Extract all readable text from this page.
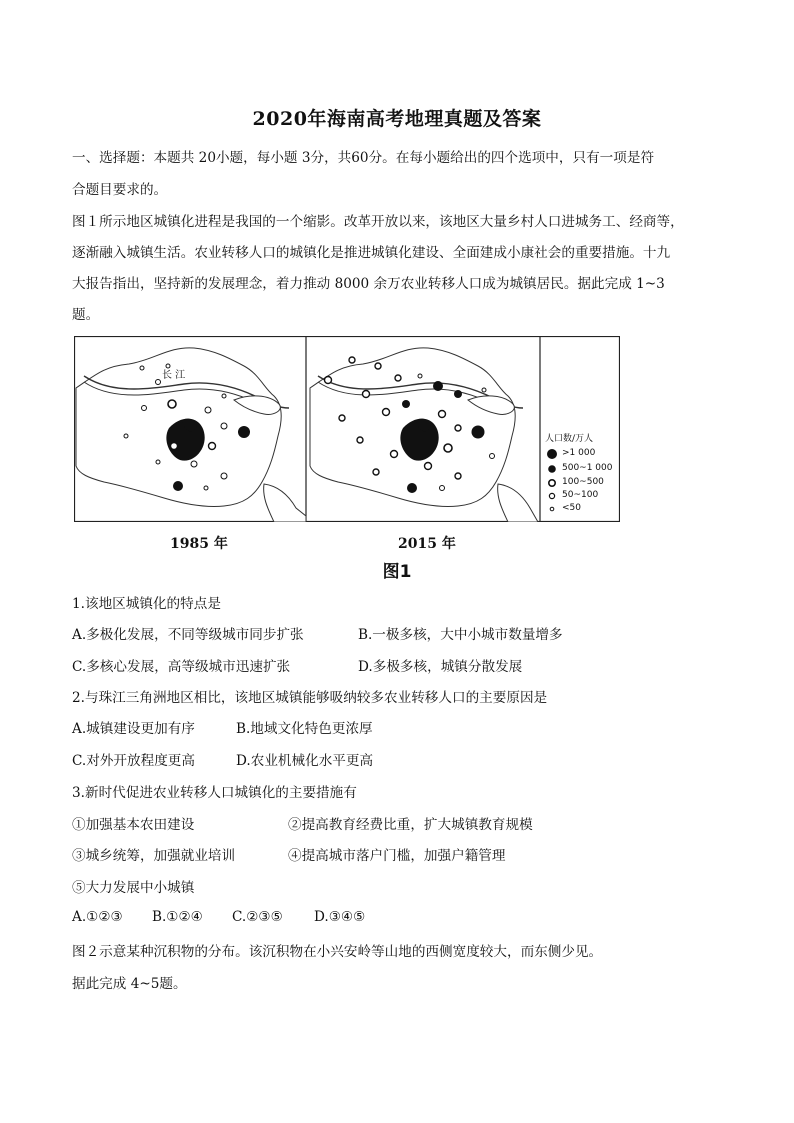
2020年海南高考地理真题及答案
一、选择题：本题共 20小题，每小题 3分，共60分。在每小题给出的四个选项中，只有一项是符
合题目要求的。
图１所示地区城镇化进程是我国的一个缩影。改革开放以来，该地区大量乡村人口进城务工、经商等，
逐渐融入城镇生活。农业转移人口的城镇化是推进城镇化建设、全面建成小康社会的重要措施。十九
大报告指出，坚持新的发展理念，着力推动 8000 余万农业转移人口成为城镇居民。据此完成 1~3
题。
长 江
人口数/万人
>1 000
500~1 000
100~500
50~100
<50
1985 年	2015 年
图1
1.该地区城镇化的特点是
A.多极化发展，不同等级城市同步扩张	B.一极多核，大中小城市数量增多
C.多核心发展，高等级城市迅速扩张	D.多极多核，城镇分散发展
2.与珠江三角洲地区相比，该地区城镇能够吸纳较多农业转移人口的主要原因是
A.城镇建设更加有序	B.地域文化特色更浓厚
C.对外开放程度更高	D.农业机械化水平更高
3.新时代促进农业转移人口城镇化的主要措施有
①加强基本农田建设	②提高教育经费比重，扩大城镇教育规模
③城乡统筹，加强就业培训	④提高城市落户门槛，加强户籍管理
⑤大力发展中小城镇
A.①②③ B.①②④ C.②③⑤ D.③④⑤
图２示意某种沉积物的分布。该沉积物在小兴安岭等山地的西侧宽度较大，而东侧少见。
据此完成 4~5题。
